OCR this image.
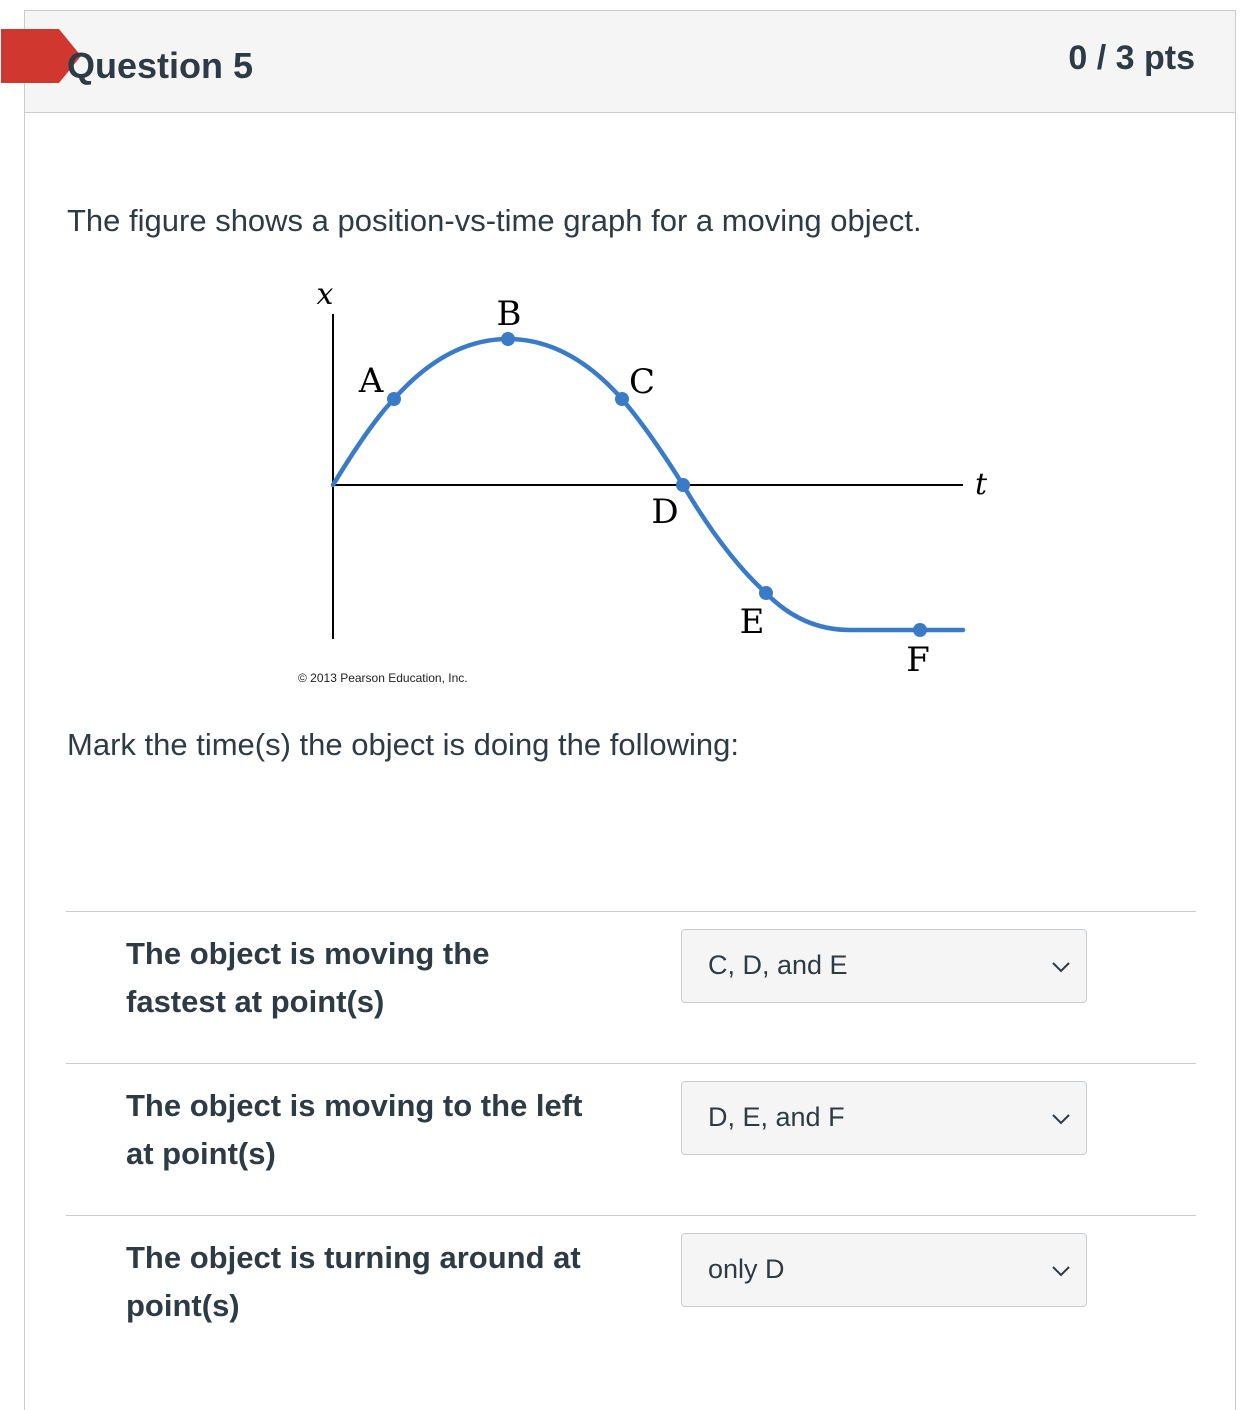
Question 5	0 / 3 pts
The figure shows a position-vs-time graph for a moving object.
x
t
A
B
C
D
E
F
© 2013 Pearson Education, Inc.
Mark the time(s) the object is doing the following:
The object is moving the fastest at point(s)
C, D, and E
The object is moving to the left at point(s)
D, E, and F
The object is turning around at point(s)
only D
